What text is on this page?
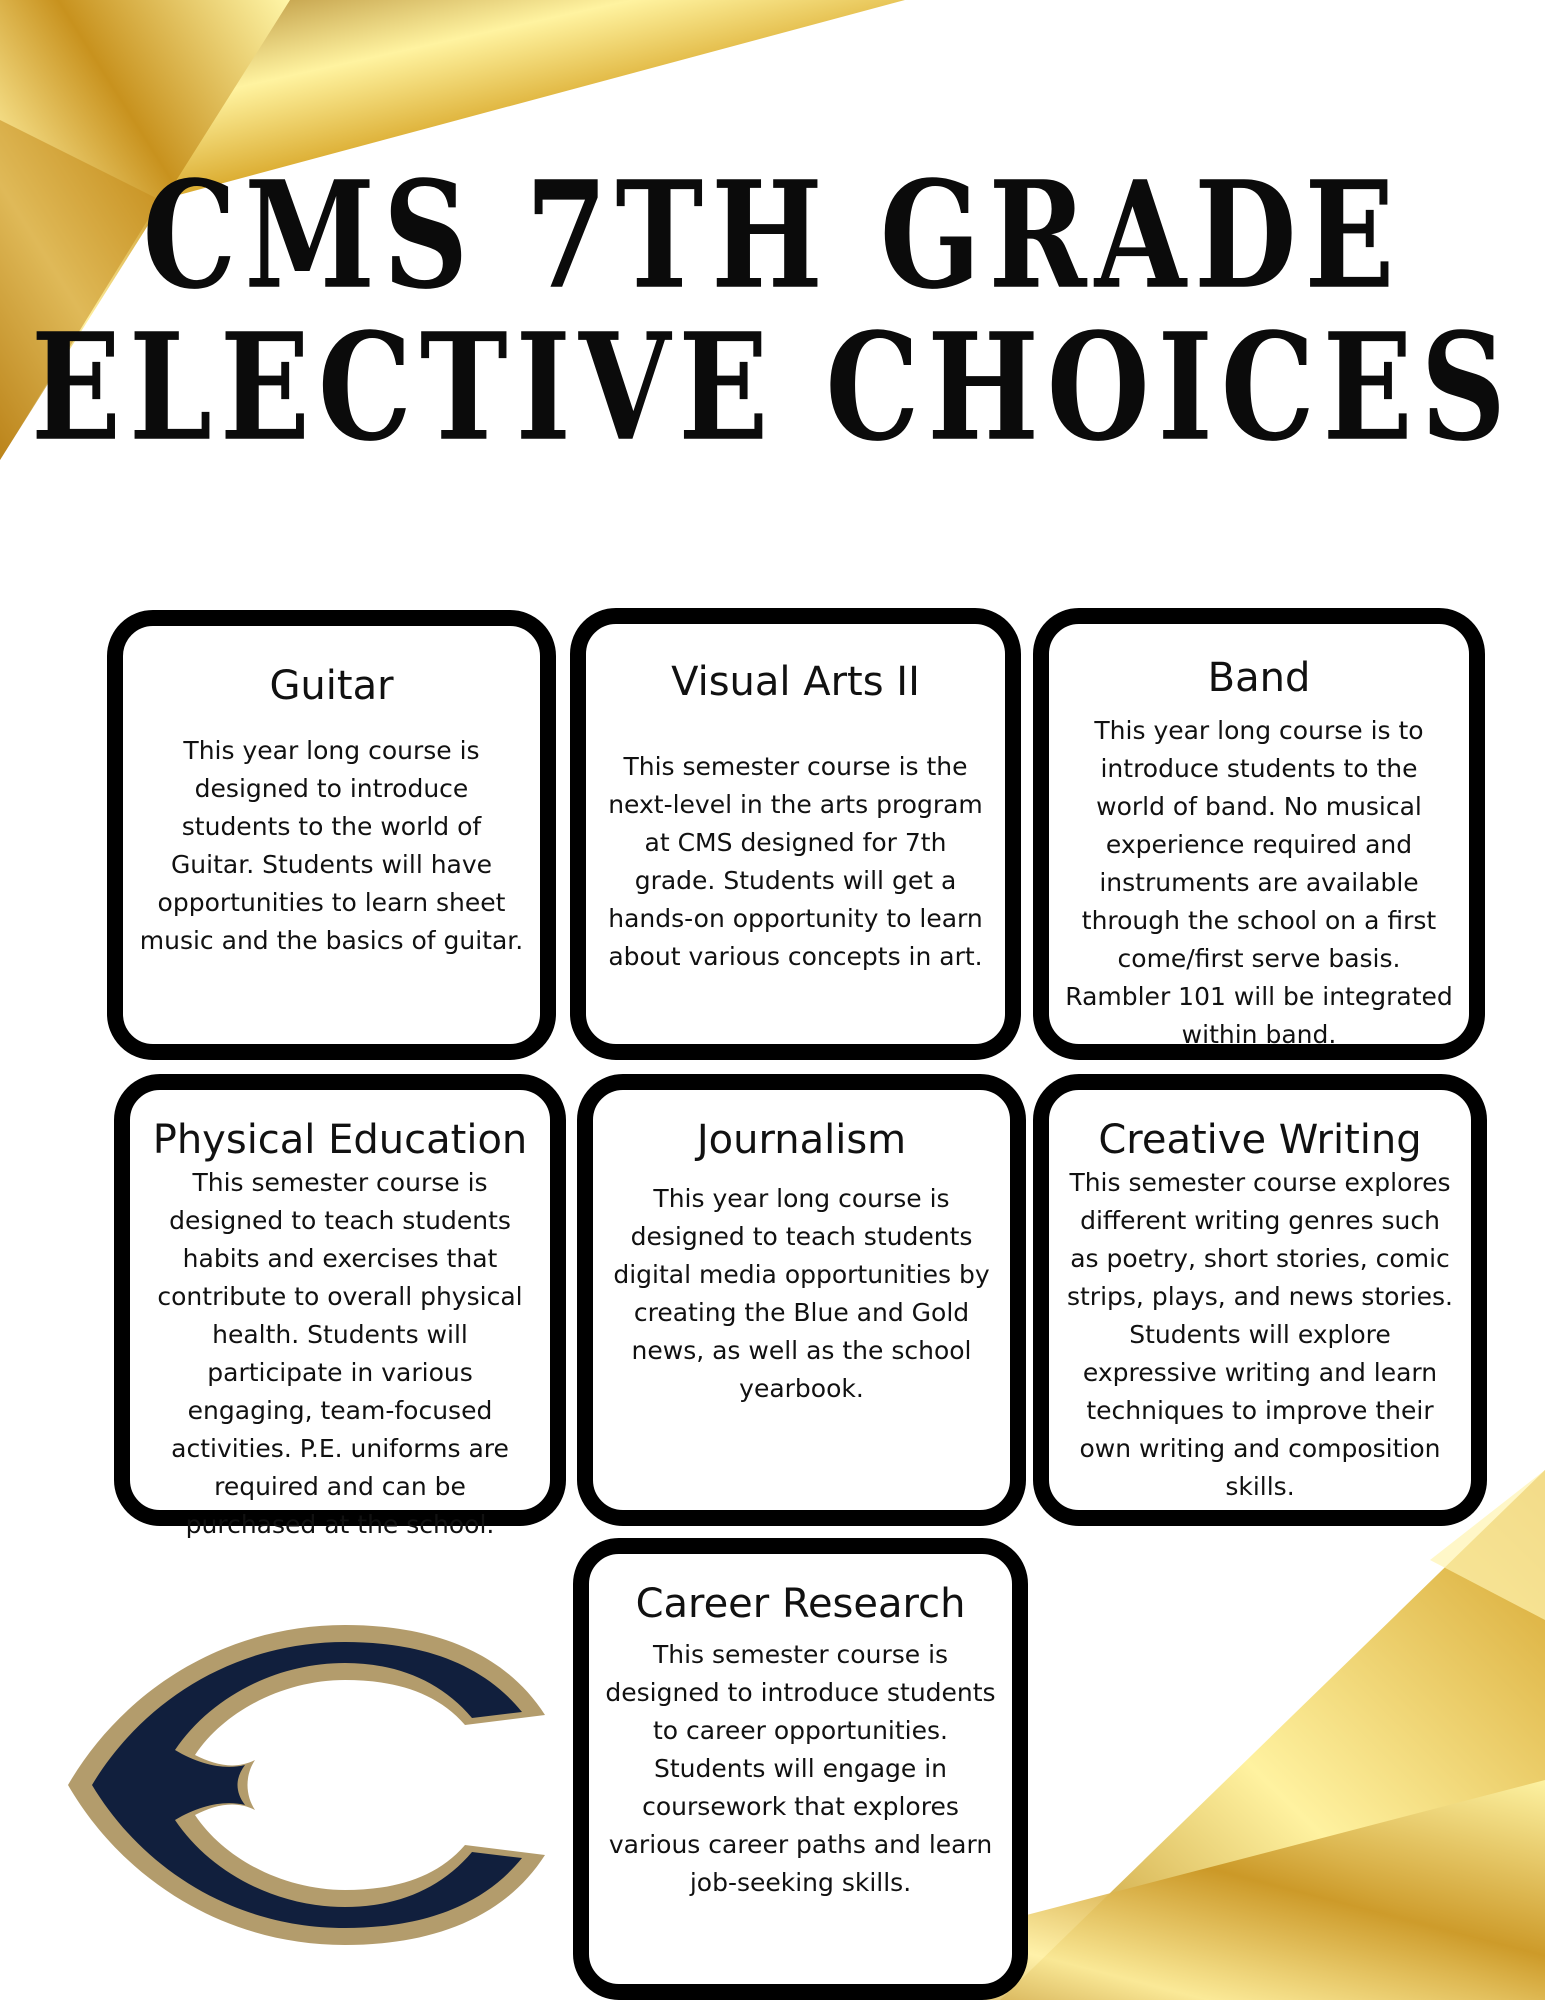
CMS 7TH GRADE
ELECTIVE CHOICES
Guitar

This year long course is designed to introduce students to the world of Guitar. Students will have opportunities to learn sheet music and the basics of guitar.

Visual Arts II

This semester course is the next-level in the arts program at CMS designed for 7th grade. Students will get a hands-on opportunity to learn about various concepts in art.

Band

This year long course is to introduce students to the world of band. No musical experience required and instruments are available through the school on a first come/first serve basis. Rambler 101 will be integrated within band.

Physical Education

This semester course is designed to teach students habits and exercises that contribute to overall physical health. Students will participate in various engaging, team-focused activities. P.E. uniforms are required and can be purchased at the school.

Journalism

This year long course is designed to teach students digital media opportunities by creating the Blue and Gold news, as well as the school yearbook.

Creative Writing

This semester course explores different writing genres such as poetry, short stories, comic strips, plays, and news stories. Students will explore expressive writing and learn techniques to improve their own writing and composition skills.

Career Research

This semester course is designed to introduce students to career opportunities. Students will engage in coursework that explores various career paths and learn job-seeking skills.
